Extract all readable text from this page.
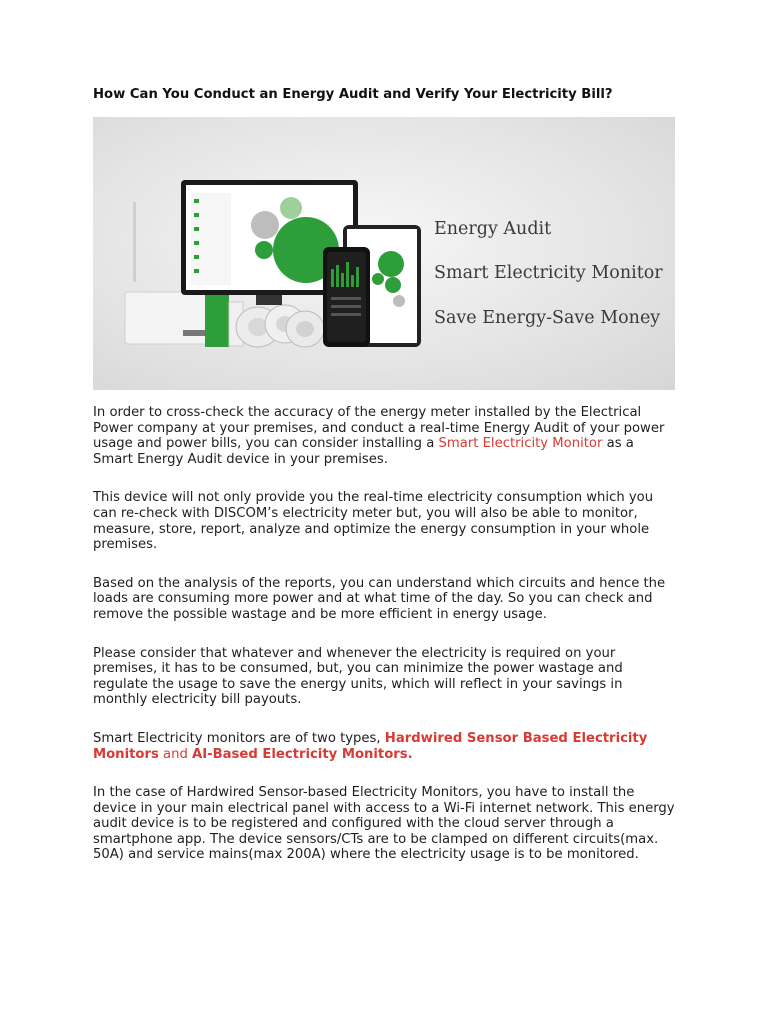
How Can You Conduct an Energy Audit and Verify Your Electricity Bill?
Energy Audit
Smart Electricity Monitor
Save Energy-Save Money

In order to cross-check the accuracy of the energy meter installed by the Electrical Power company at your premises, and conduct a real-time Energy Audit of your power usage and power bills, you can consider installing a Smart Electricity Monitor as a Smart Energy Audit device in your premises.

This device will not only provide you the real-time electricity consumption which you can re-check with DISCOM’s electricity meter but, you will also be able to monitor, measure, store, report, analyze and optimize the energy consumption in your whole premises.

Based on the analysis of the reports, you can understand which circuits and hence the loads are consuming more power and at what time of the day. So you can check and remove the possible wastage and be more efficient in energy usage.

Please consider that whatever and whenever the electricity is required on your premises, it has to be consumed, but, you can minimize the power wastage and regulate the usage to save the energy units, which will reflect in your savings in monthly electricity bill payouts.

Smart Electricity monitors are of two types, Hardwired Sensor Based Electricity Monitors and AI-Based Electricity Monitors.

In the case of Hardwired Sensor-based Electricity Monitors, you have to install the device in your main electrical panel with access to a Wi-Fi internet network. This energy audit device is to be registered and configured with the cloud server through a smartphone app. The device sensors/CTs are to be clamped on different circuits(max. 50A) and service mains(max 200A) where the electricity usage is to be monitored.
